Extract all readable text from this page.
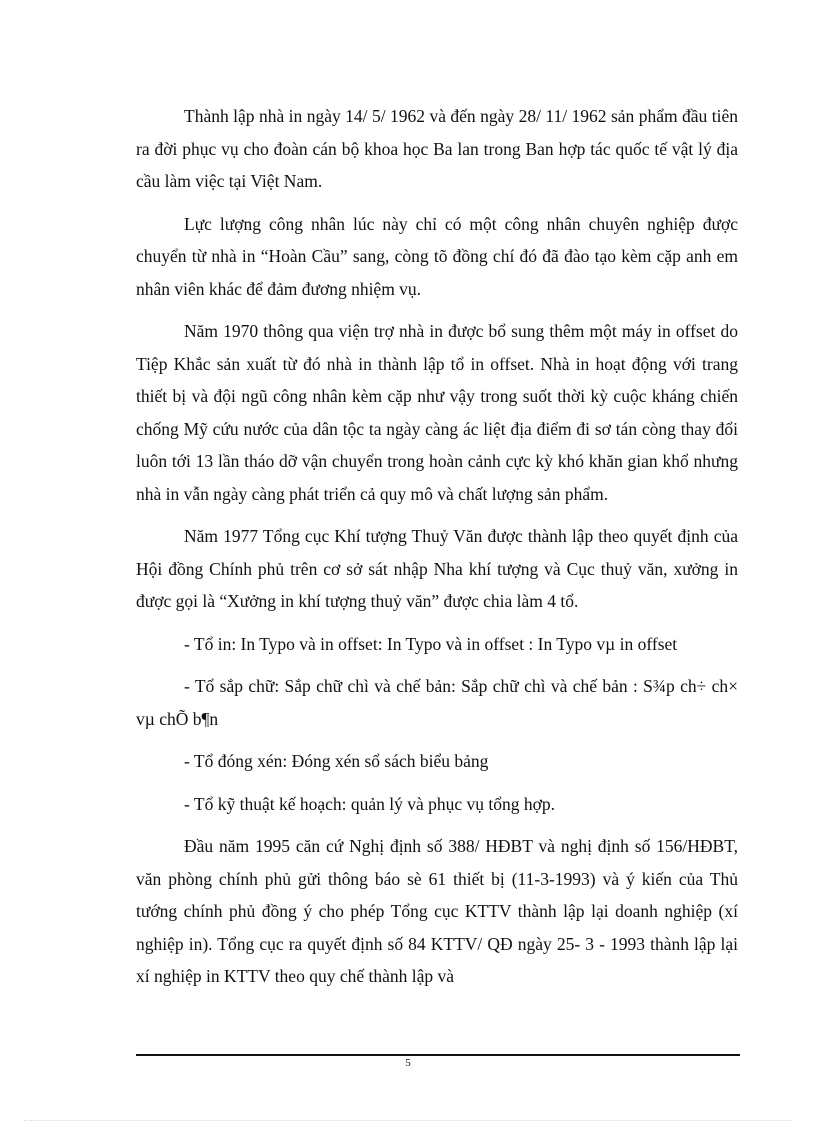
Thành lập nhà in ngày 14/ 5/ 1962 và đến ngày 28/ 11/ 1962 sản phẩm đầu tiên ra đời phục vụ cho đoàn cán bộ khoa học Ba lan trong Ban hợp tác quốc tế vật lý địa cầu làm việc tại Việt Nam.

Lực lượng công nhân lúc này chỉ có một công nhân chuyên nghiệp được chuyển từ nhà in “Hoàn Cầu” sang, còng tõ đồng chí đó đã đào tạo kèm cặp anh em nhân viên khác để đảm đương nhiệm vụ.

Năm 1970 thông qua viện trợ nhà in được bổ sung thêm một máy in offset do Tiệp Khắc sản xuất từ đó nhà in thành lập tổ in offset. Nhà in hoạt động với trang thiết bị và đội ngũ công nhân kèm cặp như vậy trong suốt thời kỳ cuộc kháng chiến chống Mỹ cứu nước của dân tộc ta ngày càng ác liệt địa điểm đi sơ tán còng thay đổi luôn tới 13 lần tháo dỡ vận chuyển trong hoàn cảnh cực kỳ khó khăn gian khổ nhưng nhà in vẫn ngày càng phát triển cả quy mô và chất lượng sản phẩm.

Năm 1977 Tổng cục Khí tượng Thuỷ Văn được thành lập theo quyết định của Hội đồng Chính phủ trên cơ sở sát nhập Nha khí tượng và Cục thuỷ văn, xưởng in được gọi là “Xưởng in khí tượng thuỷ văn” được chia làm 4 tổ.

- Tổ in: In Typo và in offset: In Typo và in offset : In Typo vµ in offset

- Tổ sắp chữ: Sắp chữ chì và chế bản: Sắp chữ chì và chế bản : S¾p ch÷ ch× vµ chÕ b¶n

- Tổ đóng xén: Đóng xén sổ sách biểu bảng

- Tổ kỹ thuật kế hoạch: quản lý và phục vụ tổng hợp.

Đầu năm 1995 căn cứ Nghị định số 388/ HĐBT và nghị định số 156/HĐBT, văn phòng chính phủ gửi thông báo sè 61 thiết bị (11-3-1993) và ý kiến của Thủ tướng chính phủ đồng ý cho phép Tổng cục KTTV thành lập lại doanh nghiệp (xí nghiệp in). Tổng cục ra quyết định số 84 KTTV/ QĐ ngày 25- 3 - 1993 thành lập lại xí nghiệp in KTTV theo quy chế thành lập và

5
